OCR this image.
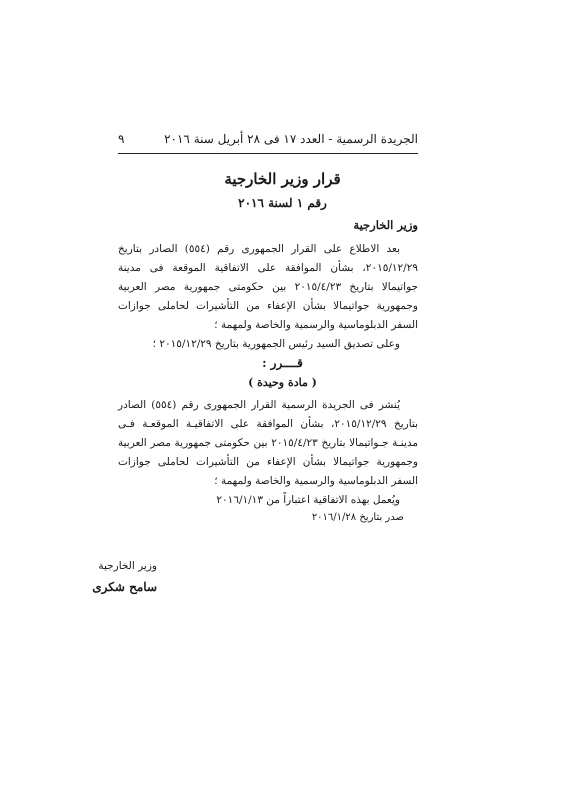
الجريدة الرسمية - العدد ١٧ فى ٢٨ أبريل سنة ٢٠١٦
٩
قرار وزير الخارجية
رقم ١ لسنة ٢٠١٦
وزير الخارجية

بعد الاطلاع على القرار الجمهورى رقم (٥٥٤) الصادر بتاريخ ٢٠١٥/١٢/٢٩، بشأن الموافقة على الاتفاقية الموقعة فى مدينة جواتيمالا بتاريخ ٢٠١٥/٤/٢٣ بين حكومتى جمهورية مصر العربية وجمهورية جواتيمالا بشأن الإعفاء من التأشيرات لحاملى جوازات السفر الدبلوماسية والرسمية والخاصة ولمهمة ؛

وعلى تصديق السيد رئيس الجمهورية بتاريخ ٢٠١٥/١٢/٢٩ ؛

قــــرر :
( مادة وحيدة )

يُنشر فى الجريدة الرسمية القرار الجمهورى رقم (٥٥٤) الصادر بتاريخ ٢٠١٥/١٢/٢٩، بشأن الموافقة على الاتفاقيـة الموقعـة فـى مدينـة جـواتيمالا بتاريخ ٢٠١٥/٤/٢٣ بين حكومتى جمهورية مصر العربية وجمهورية جواتيمالا بشأن الإعفاء من التأشيرات لحاملى جوازات السفر الدبلوماسية والرسمية والخاصة ولمهمة ؛

ويُعمل بهذه الاتفاقية اعتباراً من ٢٠١٦/١/١٣

صدر بتاريخ ٢٠١٦/١/٢٨
وزير الخارجية
سامح شكرى
